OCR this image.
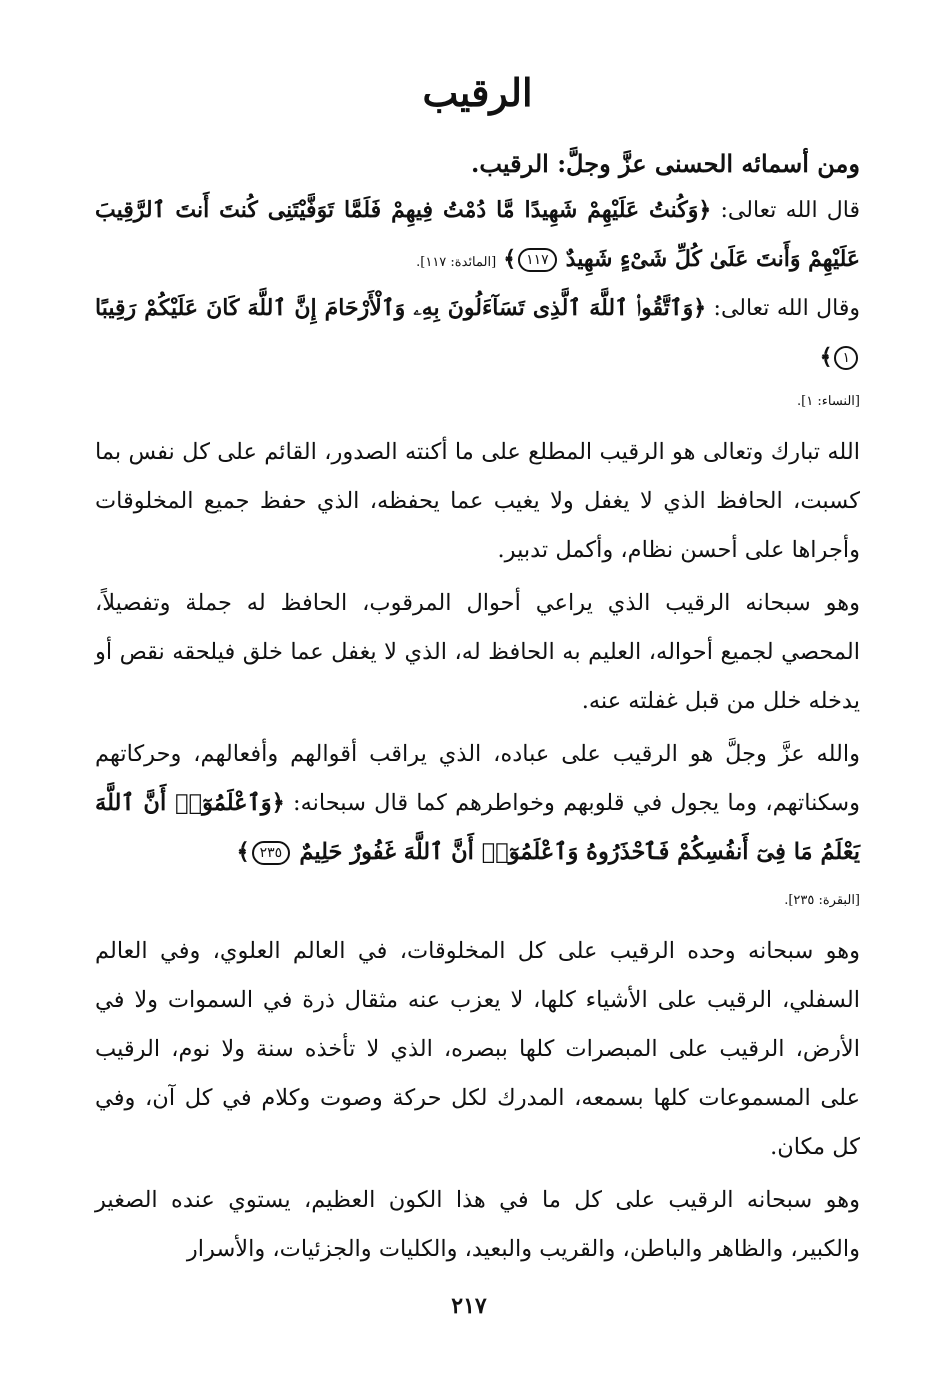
الرقيب

ومن أسمائه الحسنى عزَّ وجلَّ: الرقيب.

قال الله تعالى: ﴿وَكُنتُ عَلَيْهِمْ شَهِيدًا مَّا دُمْتُ فِيهِمْ فَلَمَّا تَوَفَّيْتَنِى كُنتَ أَنتَ ٱلرَّقِيبَ عَلَيْهِمْ وَأَنتَ عَلَىٰ كُلِّ شَىْءٍ شَهِيدٌ ١١٧﴾ [المائدة: ١١٧].

وقال الله تعالى: ﴿وَٱتَّقُوا۟ ٱللَّهَ ٱلَّذِى تَسَآءَلُونَ بِهِۦ وَٱلْأَرْحَامَ إِنَّ ٱللَّهَ كَانَ عَلَيْكُمْ رَقِيبًا ١﴾

[النساء: ١].

الله تبارك وتعالى هو الرقيب المطلع على ما أكنته الصدور، القائم على كل نفس بما كسبت، الحافظ الذي لا يغفل ولا يغيب عما يحفظه، الذي حفظ جميع المخلوقات وأجراها على أحسن نظام، وأكمل تدبير.

وهو سبحانه الرقيب الذي يراعي أحوال المرقوب، الحافظ له جملة وتفصيلاً، المحصي لجميع أحواله، العليم به الحافظ له، الذي لا يغفل عما خلق فيلحقه نقص أو يدخله خلل من قبل غفلته عنه.

والله عزَّ وجلَّ هو الرقيب على عباده، الذي يراقب أقوالهم وأفعالهم، وحركاتهم وسكناتهم، وما يجول في قلوبهم وخواطرهم كما قال سبحانه: ﴿وَٱعْلَمُوٓا۟ أَنَّ ٱللَّهَ يَعْلَمُ مَا فِىٓ أَنفُسِكُمْ فَٱحْذَرُوهُ وَٱعْلَمُوٓا۟ أَنَّ ٱللَّهَ غَفُورٌ حَلِيمٌ ٢٣٥﴾

[البقرة: ٢٣٥].

وهو سبحانه وحده الرقيب على كل المخلوقات، في العالم العلوي، وفي العالم السفلي، الرقيب على الأشياء كلها، لا يعزب عنه مثقال ذرة في السموات ولا في الأرض، الرقيب على المبصرات كلها ببصره، الذي لا تأخذه سنة ولا نوم، الرقيب على المسموعات كلها بسمعه، المدرك لكل حركة وصوت وكلام في كل آن، وفي كل مكان.

وهو سبحانه الرقيب على كل ما في هذا الكون العظيم، يستوي عنده الصغير والكبير، والظاهر والباطن، والقريب والبعيد، والكليات والجزئيات، والأسرار

٢١٧
